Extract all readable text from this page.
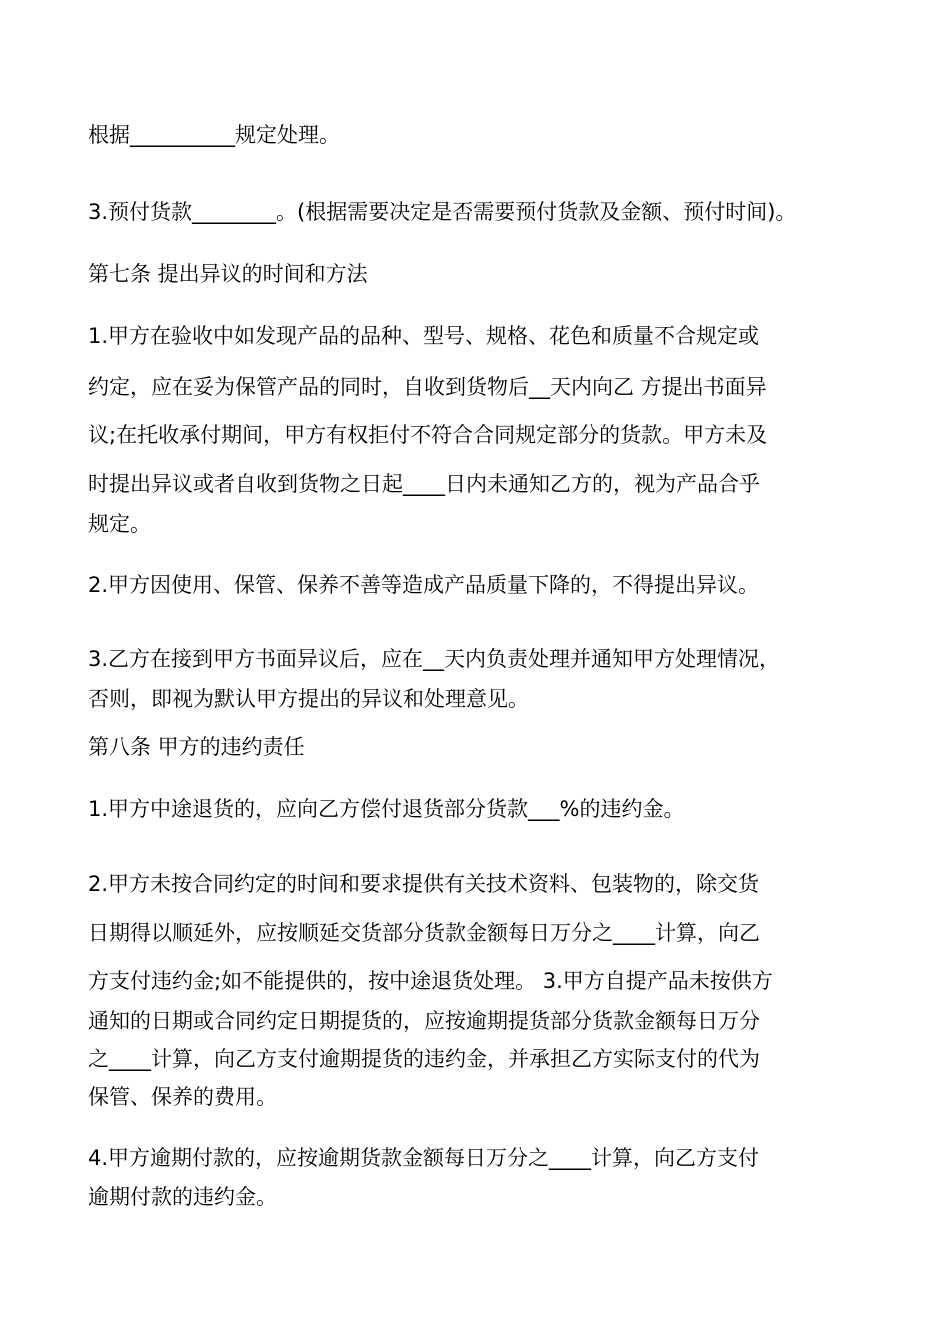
根据__________规定处理。
3.预付货款________。(根据需要决定是否需要预付货款及金额、预付时间)。
第七条 提出异议的时间和方法
1.甲方在验收中如发现产品的品种、型号、规格、花色和质量不合规定或
约定，应在妥为保管产品的同时，自收到货物后__天内向乙 方提出书面异
议;在托收承付期间，甲方有权拒付不符合合同规定部分的货款。甲方未及
时提出异议或者自收到货物之日起____日内未通知乙方的，视为产品合乎
规定。
2.甲方因使用、保管、保养不善等造成产品质量下降的，不得提出异议。
3.乙方在接到甲方书面异议后，应在__天内负责处理并通知甲方处理情况，
否则，即视为默认甲方提出的异议和处理意见。
第八条 甲方的违约责任
1.甲方中途退货的，应向乙方偿付退货部分货款___%的违约金。
2.甲方未按合同约定的时间和要求提供有关技术资料、包装物的，除交货
日期得以顺延外，应按顺延交货部分货款金额每日万分之____计算，向乙
方支付违约金;如不能提供的，按中途退货处理。 3.甲方自提产品未按供方
通知的日期或合同约定日期提货的，应按逾期提货部分货款金额每日万分
之____计算，向乙方支付逾期提货的违约金，并承担乙方实际支付的代为
保管、保养的费用。
4.甲方逾期付款的，应按逾期货款金额每日万分之____计算，向乙方支付
逾期付款的违约金。
